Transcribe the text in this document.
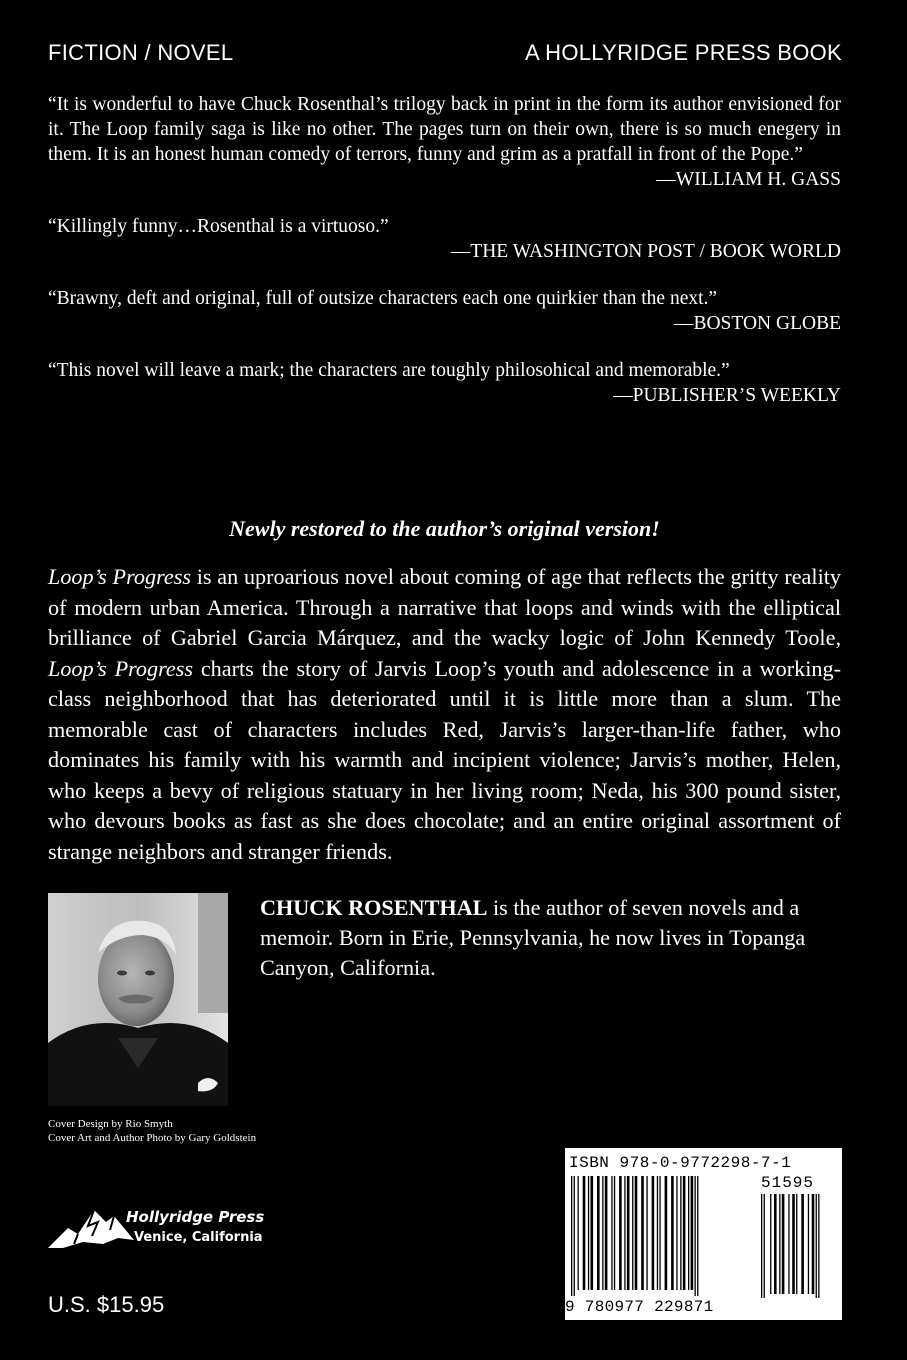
FICTION / NOVEL	A HOLLYRIDGE PRESS BOOK

“It is wonderful to have Chuck Rosenthal’s trilogy back in print in the form its author envisioned for it. The Loop family saga is like no other. The pages turn on their own, there is so much enegery in them. It is an honest human comedy of terrors, funny and grim as a pratfall in front of the Pope.”

—WILLIAM H. GASS

“Killingly funny…Rosenthal is a virtuoso.”

—THE WASHINGTON POST / BOOK WORLD

“Brawny, deft and original, full of outsize characters each one quirkier than the next.”

—BOSTON GLOBE

“This novel will leave a mark; the characters are toughly philosohical and memorable.”

—PUBLISHER’S WEEKLY

Newly restored to the author’s original version!

Loop’s Progress is an uproarious novel about coming of age that reflects the gritty reality of modern urban America. Through a narrative that loops and winds with the elliptical brilliance of Gabriel Garcia Márquez, and the wacky logic of John Kennedy Toole, Loop’s Progress charts the story of Jarvis Loop’s youth and adolescence in a working-class neighborhood that has deteriorated until it is little more than a slum. The memorable cast of characters includes Red, Jarvis’s larger-than-life father, who dominates his family with his warmth and incipient violence; Jarvis’s mother, Helen, who keeps a bevy of religious statuary in her living room; Neda, his 300 pound sister, who devours books as fast as she does chocolate; and an entire original assortment of strange neighbors and stranger friends.

CHUCK ROSENTHAL is the author of seven novels and a memoir. Born in Erie, Pennsylvania, he now lives in Topanga Canyon, California.

Cover Design by Rio Smyth
Cover Art and Author Photo by Gary Goldstein
Hollyridge Press
Venice, California
U.S. $15.95
ISBN 978-0-9772298-7-1
51595
9 780977 229871
